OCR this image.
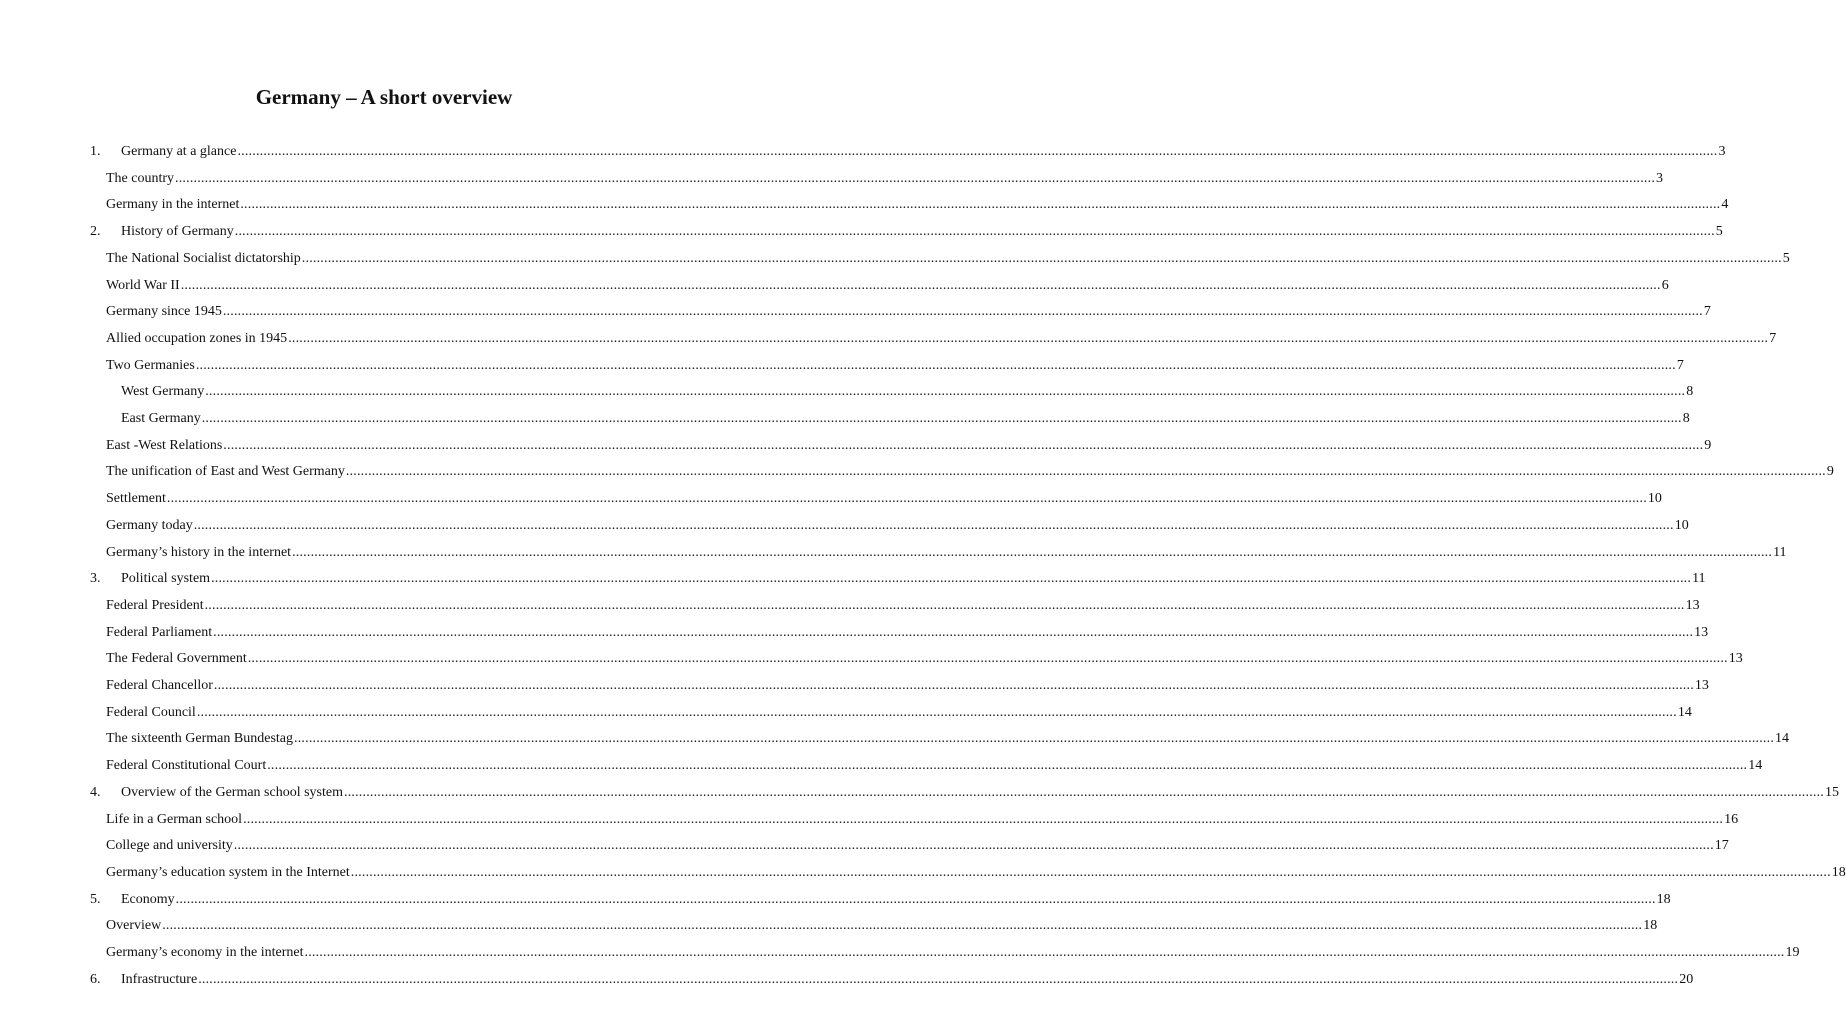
Germany – A short overview
1.	Germany at a glance ................................................................................................................................................................................................................................................................................................................................................................................................................ 3
The country ................................................................................................................................................................................................................................................................................................................................................................................................................ 3
Germany in the internet ................................................................................................................................................................................................................................................................................................................................................................................................................ 4
2.	History of Germany ................................................................................................................................................................................................................................................................................................................................................................................................................ 5
The National Socialist dictatorship ................................................................................................................................................................................................................................................................................................................................................................................................................ 5
World War II ................................................................................................................................................................................................................................................................................................................................................................................................................ 6
Germany since 1945 ................................................................................................................................................................................................................................................................................................................................................................................................................ 7
Allied occupation zones in 1945 ................................................................................................................................................................................................................................................................................................................................................................................................................ 7
Two Germanies ................................................................................................................................................................................................................................................................................................................................................................................................................ 7
West Germany ................................................................................................................................................................................................................................................................................................................................................................................................................ 8
East Germany ................................................................................................................................................................................................................................................................................................................................................................................................................ 8
East -West Relations ................................................................................................................................................................................................................................................................................................................................................................................................................ 9
The unification of East and West Germany ................................................................................................................................................................................................................................................................................................................................................................................................................ 9
Settlement ................................................................................................................................................................................................................................................................................................................................................................................................................ 10
Germany today ................................................................................................................................................................................................................................................................................................................................................................................................................ 10
Germany’s history in the internet ................................................................................................................................................................................................................................................................................................................................................................................................................ 11
3.	Political system ................................................................................................................................................................................................................................................................................................................................................................................................................ 11
Federal President ................................................................................................................................................................................................................................................................................................................................................................................................................ 13
Federal Parliament ................................................................................................................................................................................................................................................................................................................................................................................................................ 13
The Federal Government ................................................................................................................................................................................................................................................................................................................................................................................................................ 13
Federal Chancellor ................................................................................................................................................................................................................................................................................................................................................................................................................ 13
Federal Council ................................................................................................................................................................................................................................................................................................................................................................................................................ 14
The sixteenth German Bundestag ................................................................................................................................................................................................................................................................................................................................................................................................................ 14
Federal Constitutional Court ................................................................................................................................................................................................................................................................................................................................................................................................................ 14
4.	Overview of the German school system ................................................................................................................................................................................................................................................................................................................................................................................................................ 15
Life in a German school ................................................................................................................................................................................................................................................................................................................................................................................................................ 16
College and university ................................................................................................................................................................................................................................................................................................................................................................................................................ 17
Germany’s education system in the Internet ................................................................................................................................................................................................................................................................................................................................................................................................................ 18
5.	Economy ................................................................................................................................................................................................................................................................................................................................................................................................................ 18
Overview ................................................................................................................................................................................................................................................................................................................................................................................................................ 18
Germany’s economy in the internet ................................................................................................................................................................................................................................................................................................................................................................................................................ 19
6.	Infrastructure ................................................................................................................................................................................................................................................................................................................................................................................................................ 20
